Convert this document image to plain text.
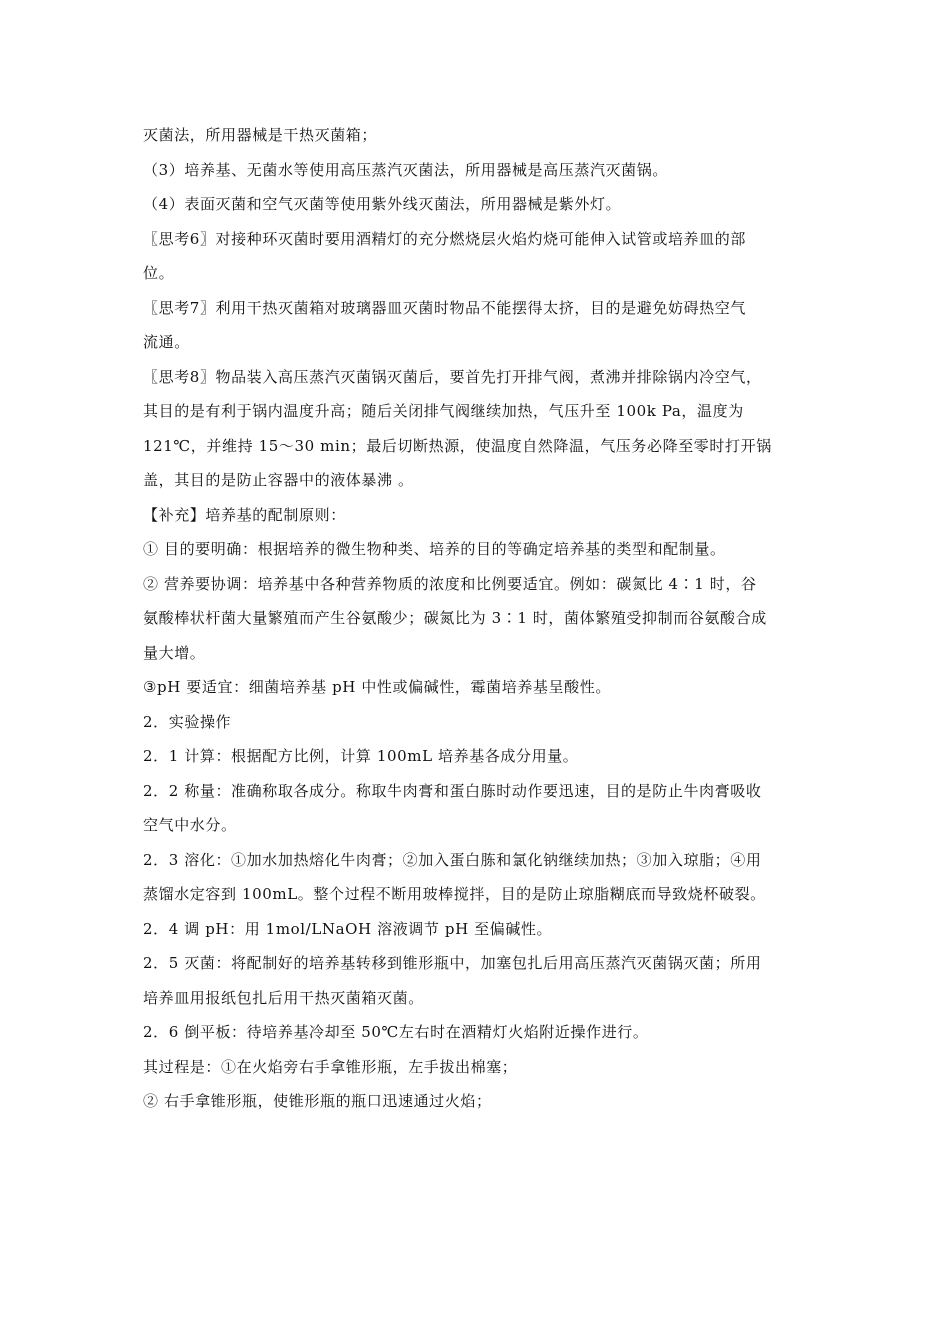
灭菌法，所用器械是干热灭菌箱；
（3）培养基、无菌水等使用高压蒸汽灭菌法，所用器械是高压蒸汽灭菌锅。
（4）表面灭菌和空气灭菌等使用紫外线灭菌法，所用器械是紫外灯。
〖思考6〗对接种环灭菌时要用酒精灯的充分燃烧层火焰灼烧可能伸入试管或培养皿的部
位。
〖思考7〗利用干热灭菌箱对玻璃器皿灭菌时物品不能摆得太挤，目的是避免妨碍热空气
流通。
〖思考8〗物品装入高压蒸汽灭菌锅灭菌后，要首先打开排气阀，煮沸并排除锅内冷空气，
其目的是有利于锅内温度升高；随后关闭排气阀继续加热，气压升至 100k Pa，温度为
121℃，并维持 15～30 min；最后切断热源，使温度自然降温，气压务必降至零时打开锅
盖，其目的是防止容器中的液体暴沸 。
【补充】培养基的配制原则：
① 目的要明确：根据培养的微生物种类、培养的目的等确定培养基的类型和配制量。
② 营养要协调：培养基中各种营养物质的浓度和比例要适宜。例如：碳氮比 4∶1 时，谷
氨酸棒状杆菌大量繁殖而产生谷氨酸少；碳氮比为 3∶1 时，菌体繁殖受抑制而谷氨酸合成
量大增。
③pH 要适宜：细菌培养基 pH 中性或偏碱性，霉菌培养基呈酸性。
2．实验操作
2．1 计算：根据配方比例，计算 100mL 培养基各成分用量。
2．2 称量：准确称取各成分。称取牛肉膏和蛋白胨时动作要迅速，目的是防止牛肉膏吸收
空气中水分。
2．3 溶化：①加水加热熔化牛肉膏；②加入蛋白胨和氯化钠继续加热；③加入琼脂；④用
蒸馏水定容到 100mL。整个过程不断用玻棒搅拌，目的是防止琼脂糊底而导致烧杯破裂。
2．4 调 pH：用 1mol/LNaOH 溶液调节 pH 至偏碱性。
2．5 灭菌：将配制好的培养基转移到锥形瓶中，加塞包扎后用高压蒸汽灭菌锅灭菌；所用
培养皿用报纸包扎后用干热灭菌箱灭菌。
2．6 倒平板：待培养基冷却至 50℃左右时在酒精灯火焰附近操作进行。
其过程是：①在火焰旁右手拿锥形瓶，左手拔出棉塞；
② 右手拿锥形瓶，使锥形瓶的瓶口迅速通过火焰；
